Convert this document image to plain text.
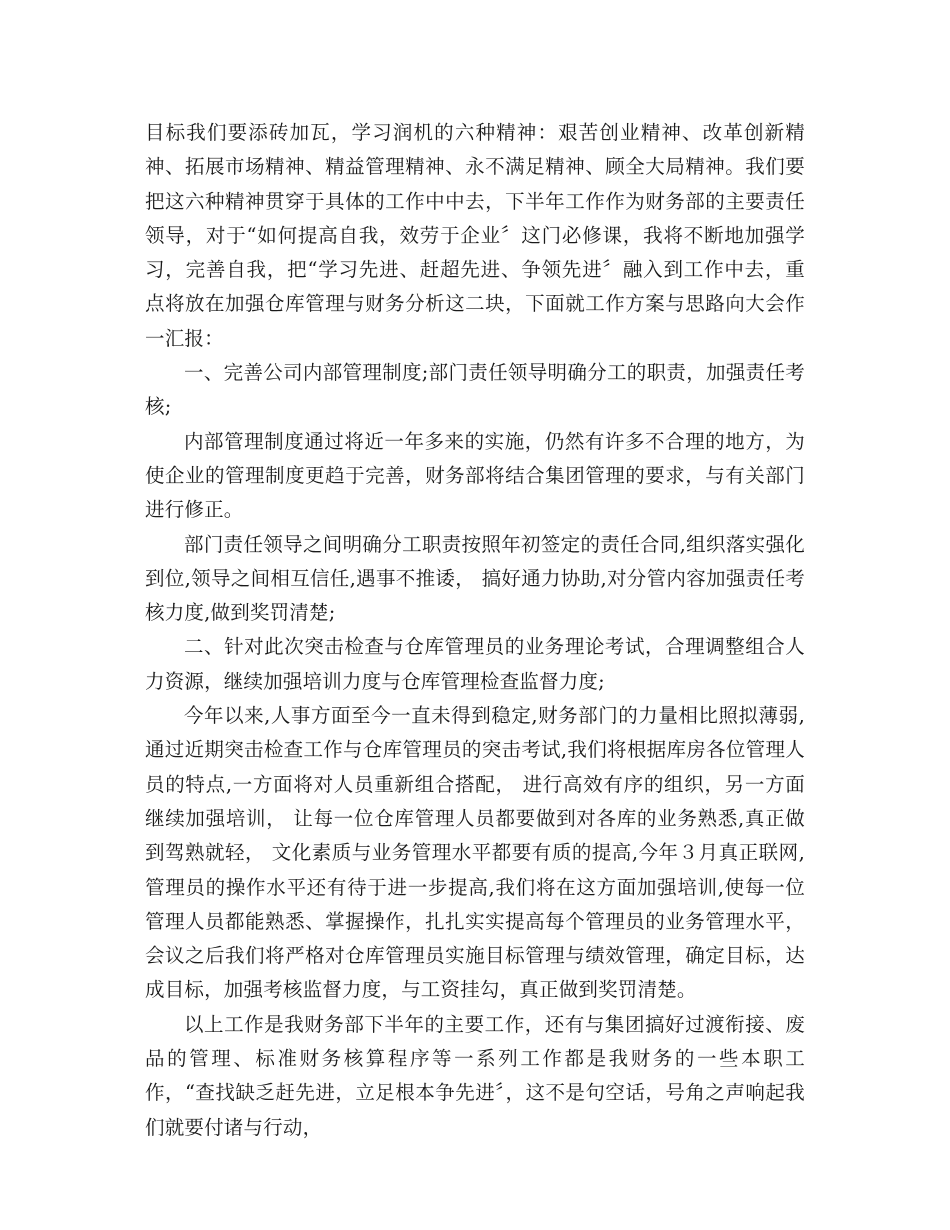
目标我们要添砖加瓦，学习润机的六种精神：艰苦创业精神、改革创新精神、拓展市场精神、精益管理精神、永不满足精神、顾全大局精神。我们要把这六种精神贯穿于具体的工作中中去，下半年工作作为财务部的主要责任领导，对于“如何提高自我，效劳于企业〞这门必修课，我将不断地加强学习，完善自我，把“学习先进、赶超先进、争领先进〞融入到工作中去，重点将放在加强仓库管理与财务分析这二块，下面就工作方案与思路向大会作一汇报：

一、完善公司内部管理制度;部门责任领导明确分工的职责，加强责任考核;

内部管理制度通过将近一年多来的实施，仍然有许多不合理的地方，为使企业的管理制度更趋于完善，财务部将结合集团管理的要求，与有关部门进行修正。

部门责任领导之间明确分工职责按照年初签定的责任合同,组织落实强化到位,领导之间相互信任,遇事不推诿， 搞好通力协助,对分管内容加强责任考核力度,做到奖罚清楚;

二、针对此次突击检查与仓库管理员的业务理论考试，合理调整组合人力资源，继续加强培训力度与仓库管理检查监督力度;

今年以来,人事方面至今一直未得到稳定,财务部门的力量相比照拟薄弱,通过近期突击检查工作与仓库管理员的突击考试,我们将根据库房各位管理人员的特点,一方面将对人员重新组合搭配， 进行高效有序的组织，另一方面继续加强培训， 让每一位仓库管理人员都要做到对各库的业务熟悉,真正做到驾熟就轻， 文化素质与业务管理水平都要有质的提高,今年３月真正联网,管理员的操作水平还有待于进一步提高,我们将在这方面加强培训,使每一位管理人员都能熟悉、掌握操作，扎扎实实提高每个管理员的业务管理水平，会议之后我们将严格对仓库管理员实施目标管理与绩效管理，确定目标，达成目标，加强考核监督力度，与工资挂勾，真正做到奖罚清楚。

以上工作是我财务部下半年的主要工作，还有与集团搞好过渡衔接、废品的管理、标准财务核算程序等一系列工作都是我财务的一些本职工作，“查找缺乏赶先进，立足根本争先进〞，这不是句空话，号角之声响起我们就要付诸与行动，
